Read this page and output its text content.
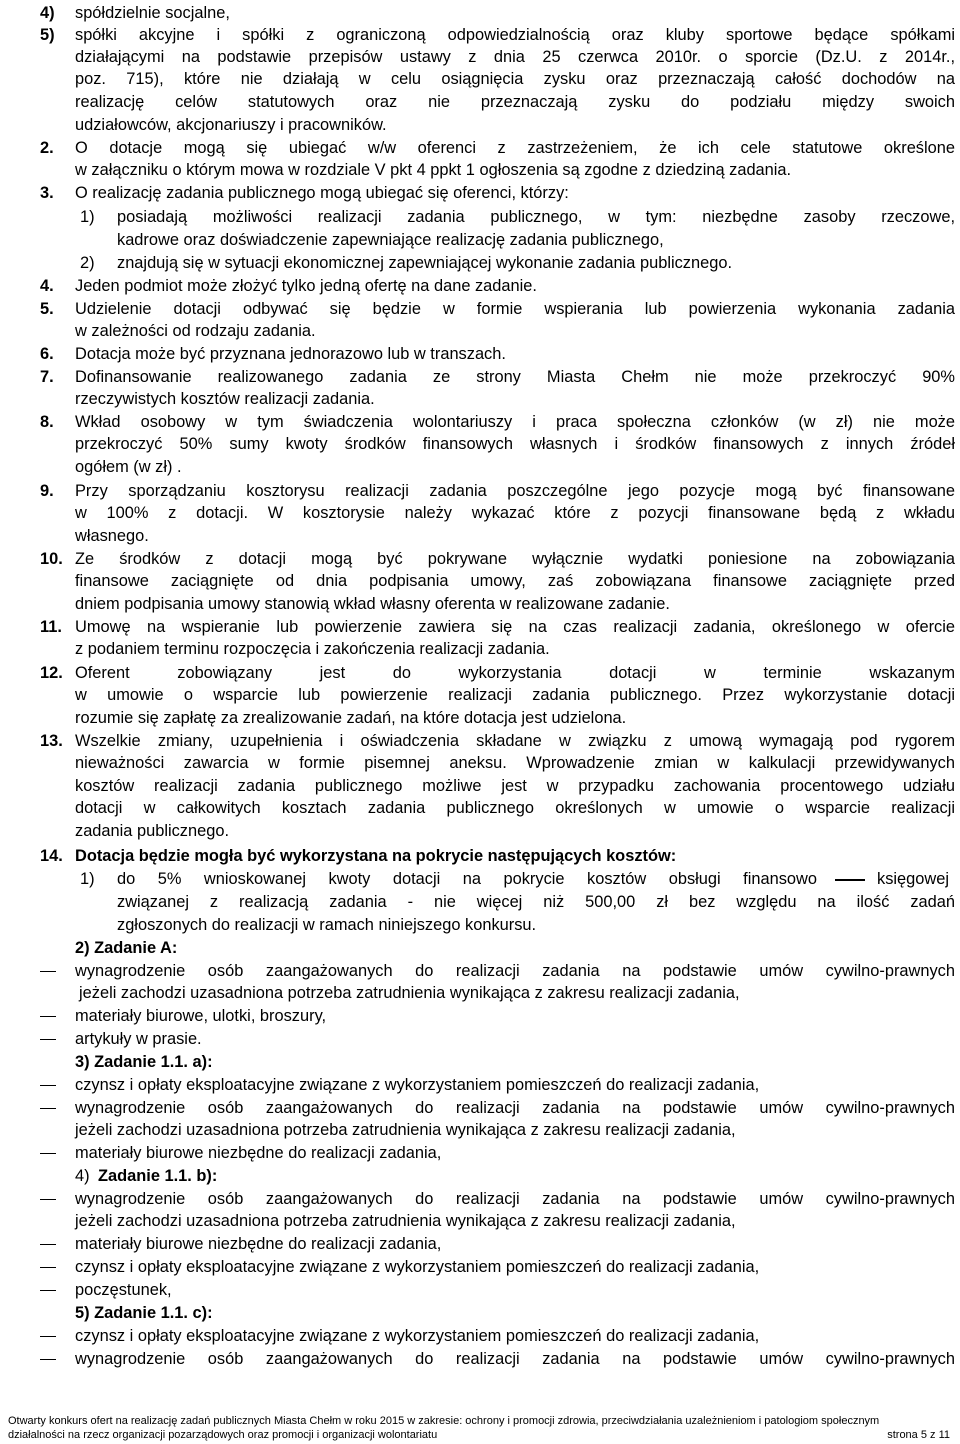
4) spółdzielnie socjalne,
5) spółki akcyjne i spółki z ograniczoną odpowiedzialnością oraz kluby sportowe będące spółkami
działającymi na podstawie przepisów ustawy z dnia 25 czerwca 2010r. o sporcie (Dz.U. z 2014r.,
poz. 715), które nie działają w celu osiągnięcia zysku oraz przeznaczają całość dochodów na
realizację celów statutowych oraz nie przeznaczają zysku do podziału między swoich
udziałowców, akcjonariuszy i pracowników.
2. O dotacje mogą się ubiegać w/w oferenci z zastrzeżeniem, że ich cele statutowe określone
w załączniku o którym mowa w rozdziale V pkt 4 ppkt 1 ogłoszenia są zgodne z dziedziną zadania.
3. O realizację zadania publicznego mogą ubiegać się oferenci, którzy:
1) posiadają możliwości realizacji zadania publicznego, w tym: niezbędne zasoby rzeczowe,
kadrowe oraz doświadczenie zapewniające realizację zadania publicznego,
2) znajdują się w sytuacji ekonomicznej zapewniającej wykonanie zadania publicznego.
4. Jeden podmiot może złożyć tylko jedną ofertę na dane zadanie.
5. Udzielenie dotacji odbywać się będzie w formie wspierania lub powierzenia wykonania zadania
w zależności od rodzaju zadania.
6. Dotacja może być przyznana jednorazowo lub w transzach.
7. Dofinansowanie realizowanego zadania ze strony Miasta Chełm nie może przekroczyć 90%
rzeczywistych kosztów realizacji zadania.
8. Wkład osobowy w tym świadczenia wolontariuszy i praca społeczna członków (w zł) nie może
przekroczyć 50% sumy kwoty środków finansowych własnych i środków finansowych z innych źródeł
ogółem (w zł) .
9. Przy sporządzaniu kosztorysu realizacji zadania poszczególne jego pozycje mogą być finansowane
w 100% z dotacji. W kosztorysie należy wykazać które z pozycji finansowane będą z wkładu
własnego.
10. Ze środków z dotacji mogą być pokrywane wyłącznie wydatki poniesione na zobowiązania
finansowe zaciągnięte od dnia podpisania umowy, zaś zobowiązana finansowe zaciągnięte przed
dniem podpisania umowy stanowią wkład własny oferenta w realizowane zadanie.
11. Umowę na wspieranie lub powierzenie zawiera się na czas realizacji zadania, określonego w ofercie
z podaniem terminu rozpoczęcia i zakończenia realizacji zadania.
12. Oferent zobowiązany jest do wykorzystania dotacji w terminie wskazanym
w umowie o wsparcie lub powierzenie realizacji zadania publicznego. Przez wykorzystanie dotacji
rozumie się zapłatę za zrealizowanie zadań, na które dotacja jest udzielona.
13. Wszelkie zmiany, uzupełnienia i oświadczenia składane w związku z umową wymagają pod rygorem
nieważności zawarcia w formie pisemnej aneksu. Wprowadzenie zmian w kalkulacji przewidywanych
kosztów realizacji zadania publicznego możliwe jest w przypadku zachowania procentowego udziału
dotacji w całkowitych kosztach zadania publicznego określonych w umowie o wsparcie realizacji
zadania publicznego.
14. Dotacja będzie mogła być wykorzystana na pokrycie następujących kosztów:
1) do 5% wnioskowanej kwoty dotacji na pokrycie kosztów obsługi finansowo	księgowej
związanej z realizacją zadania - nie więcej niż 500,00 zł bez względu na ilość zadań
zgłoszonych do realizacji w ramach niniejszego konkursu.
2) Zadanie A:
wynagrodzenie osób zaangażowanych do realizacji zadania na podstawie umów cywilno-prawnych
jeżeli zachodzi uzasadniona potrzeba zatrudnienia wynikająca z zakresu realizacji zadania,
materiały biurowe, ulotki, broszury,
artykuły w prasie.
3) Zadanie 1.1. a):
czynsz i opłaty eksploatacyjne związane z wykorzystaniem pomieszczeń do realizacji zadania,
wynagrodzenie osób zaangażowanych do realizacji zadania na podstawie umów cywilno-prawnych
jeżeli zachodzi uzasadniona potrzeba zatrudnienia wynikająca z zakresu realizacji zadania,
materiały biurowe niezbędne do realizacji zadania,
4) Zadanie 1.1. b):
wynagrodzenie osób zaangażowanych do realizacji zadania na podstawie umów cywilno-prawnych
jeżeli zachodzi uzasadniona potrzeba zatrudnienia wynikająca z zakresu realizacji zadania,
materiały biurowe niezbędne do realizacji zadania,
czynsz i opłaty eksploatacyjne związane z wykorzystaniem pomieszczeń do realizacji zadania,
poczęstunek,
5) Zadanie 1.1. c):
czynsz i opłaty eksploatacyjne związane z wykorzystaniem pomieszczeń do realizacji zadania,
wynagrodzenie osób zaangażowanych do realizacji zadania na podstawie umów cywilno-prawnych
Otwarty konkurs ofert na realizację zadań publicznych Miasta Chełm w roku 2015 w zakresie: ochrony i promocji zdrowia, przeciwdziałania uzależnieniom i patologiom społecznym
działalności na rzecz organizacji pozarządowych oraz promocji i organizacji wolontariatu	strona 5 z 11
